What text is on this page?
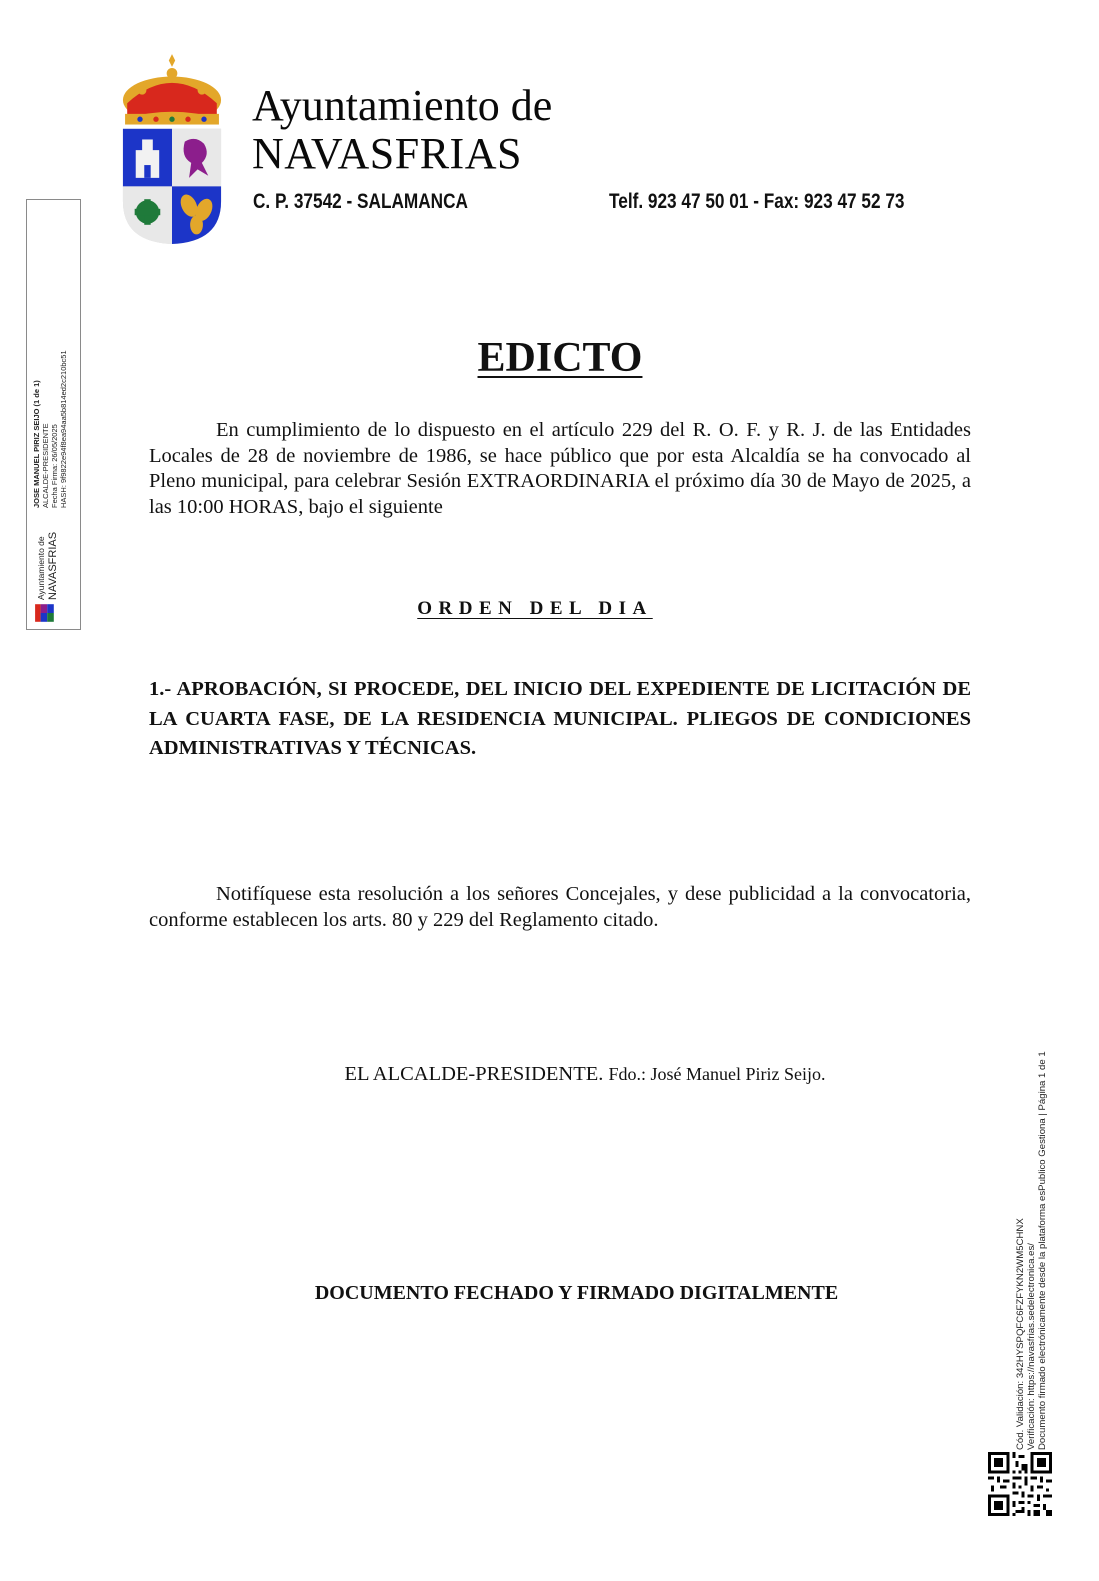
Ayuntamiento de
NAVASFRIAS
C. P. 37542 - SALAMANCA	Telf. 923 47 50 01 - Fax: 923 47 52 73
Ayuntamiento de NAVASFRIAS
JOSE MANUEL PIRIZ SEIJO (1 de 1) ALCALDE-PRESIDENTE Fecha Firma: 26/05/2025 HASH: 9f9822e94f8ea94aa5b814ed2c210bc51	EDICTO
En cumplimiento de lo dispuesto en el artículo 229 del R. O. F. y R. J. de las Entidades Locales de 28 de noviembre de 1986, se hace público que por esta Alcaldía se ha convocado al Pleno municipal, para celebrar Sesión EXTRAORDINARIA el próximo día 30 de Mayo de 2025, a las 10:00 HORAS, bajo el siguiente
ORDEN DEL DIA
1.- APROBACIÓN, SI PROCEDE, DEL INICIO DEL EXPEDIENTE DE LICITACIÓN DE LA CUARTA FASE, DE LA RESIDENCIA MUNICIPAL. PLIEGOS DE CONDICIONES ADMINISTRATIVAS Y TÉCNICAS.
Notifíquese esta resolución a los señores Concejales, y dese publicidad a la convocatoria, conforme establecen los arts. 80 y 229 del Reglamento citado.
EL ALCALDE-PRESIDENTE. Fdo.: José Manuel Piriz Seijo.
DOCUMENTO FECHADO Y FIRMADO DIGITALMENTE	Cód. Validación: 342HYSPQFC6FZFYKN2WM5CHNX Verificación: https://navasfrias.sedelectronica.es/ Documento firmado electrónicamente desde la plataforma esPublico Gestiona | Página 1 de 1
